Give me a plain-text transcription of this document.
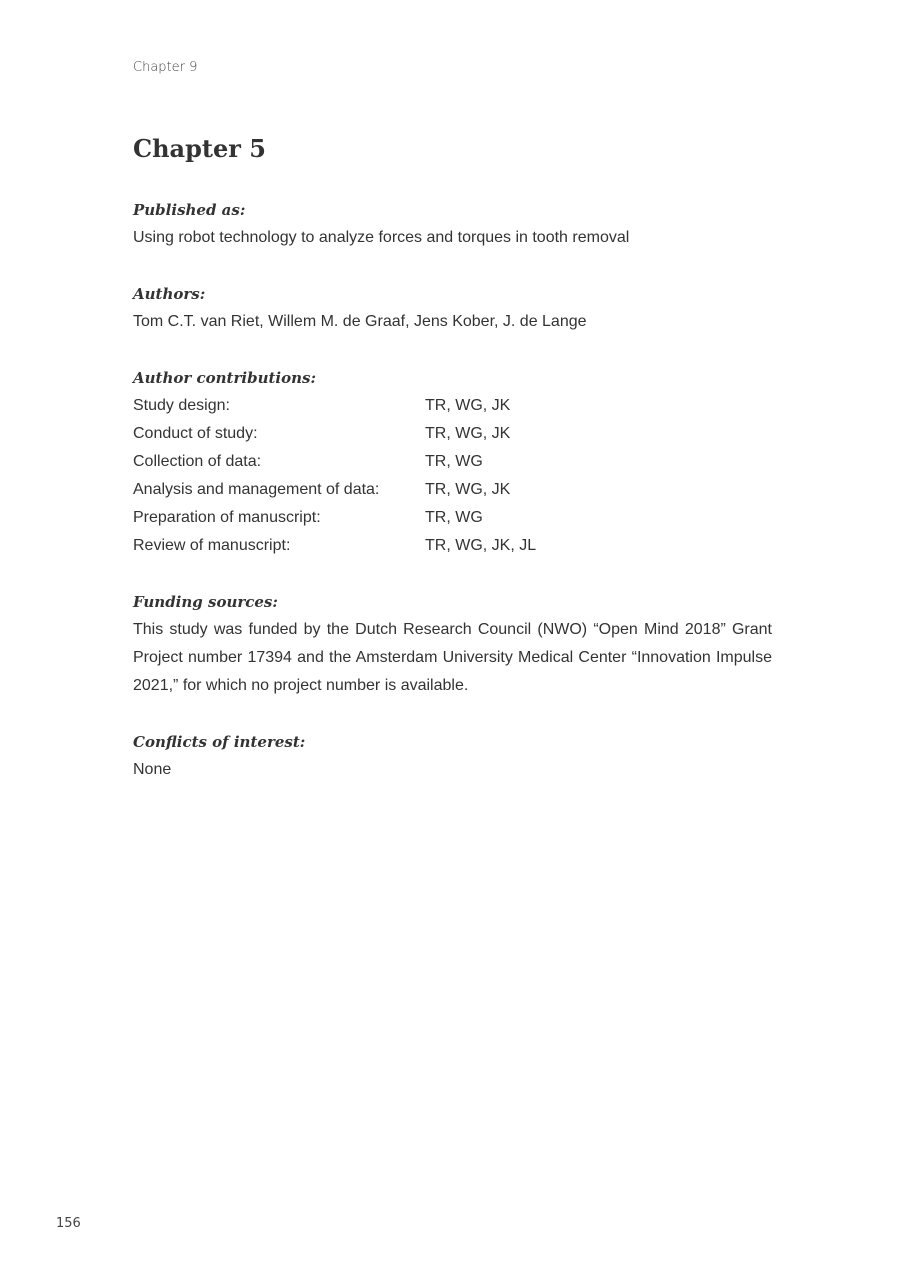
Chapter 9
Chapter 5
Published as:
Using robot technology to analyze forces and torques in tooth removal
Authors:
Tom C.T. van Riet, Willem M. de Graaf, Jens Kober, J. de Lange
Author contributions:
Study design:	TR, WG, JK
Conduct of study:	TR, WG, JK
Collection of data:	TR, WG
Analysis and management of data:	TR, WG, JK
Preparation of manuscript:	TR, WG
Review of manuscript:	TR, WG, JK, JL
Funding sources:
This study was funded by the Dutch Research Council (NWO) “Open Mind 2018” Grant Project number 17394 and the Amsterdam University Medical Center “Innovation Impulse 2021,” for which no project number is available.
Conflicts of interest:
None
156
